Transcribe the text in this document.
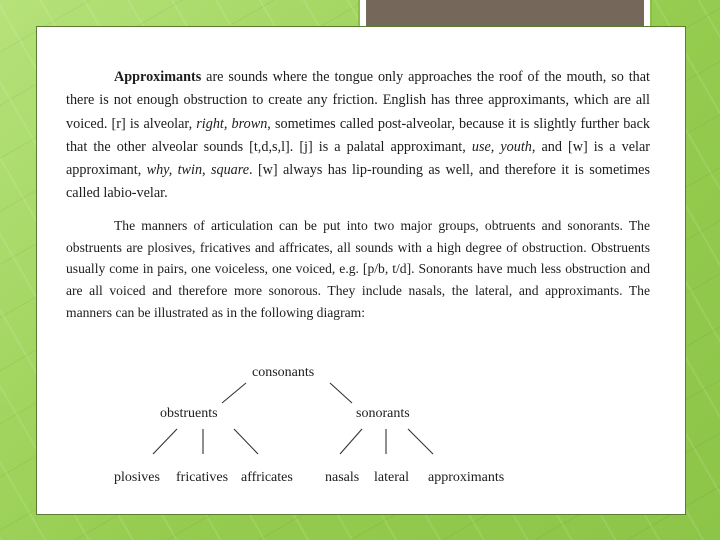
Approximants are sounds where the tongue only approaches the roof of the mouth, so that there is not enough obstruction to create any friction. English has three approximants, which are all voiced. [r] is alveolar, right, brown, sometimes called post-alveolar, because it is slightly further back that the other alveolar sounds [t,d,s,l]. [j] is a palatal approximant, use, youth, and [w] is a velar approximant, why, twin, square. [w] always has lip-rounding as well, and therefore it is sometimes called labio-velar.
The manners of articulation can be put into two major groups, obtruents and sonorants. The obstruents are plosives, fricatives and affricates, all sounds with a high degree of obstruction. Obstruents usually come in pairs, one voiceless, one voiced, e.g. [p/b, t/d]. Sonorants have much less obstruction and are all voiced and therefore more sonorous. They include nasals, the lateral, and approximants. The manners can be illustrated as in the following diagram:
consonants
obstruents	sonorants
plosives fricatives affricates nasals lateral approximants
